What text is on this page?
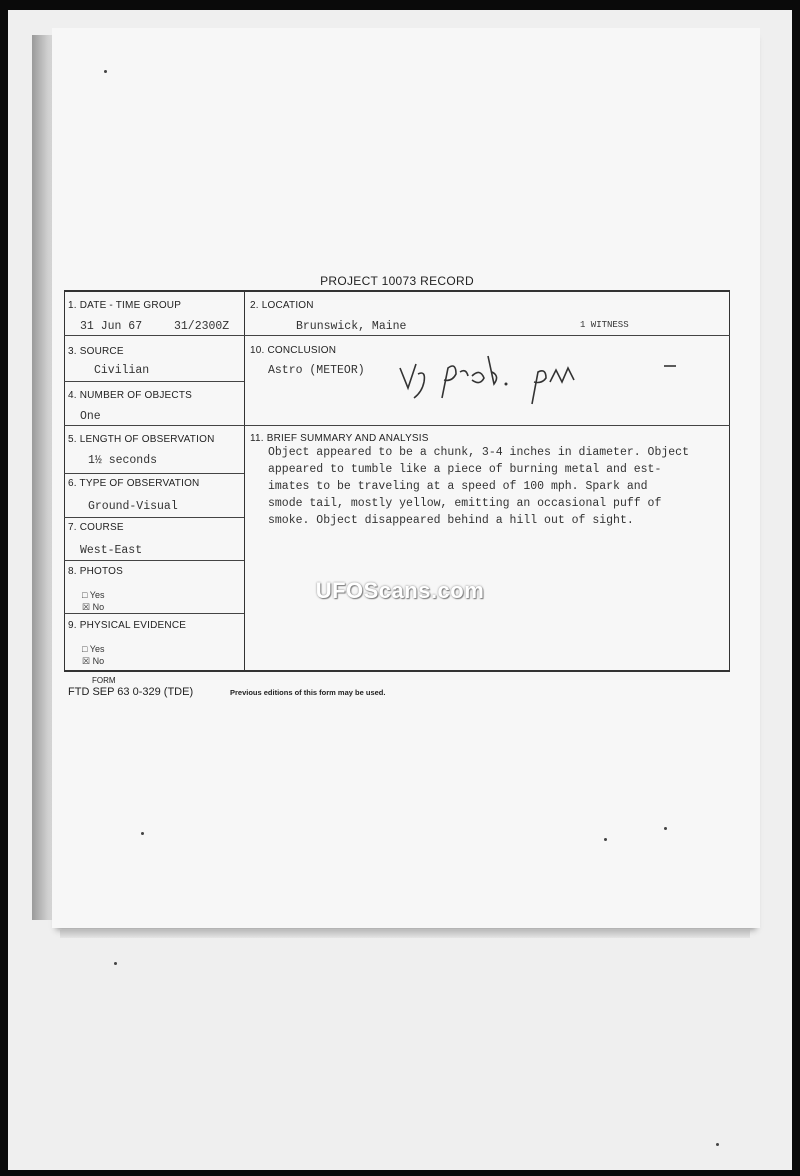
PROJECT 10073 RECORD
1. DATE - TIME GROUP
31 Jun 67	31/2300Z
2. LOCATION
Brunswick, Maine	1 WITNESS
3. SOURCE
Civilian
10. CONCLUSION
Astro (METEOR)
4. NUMBER OF OBJECTS
One
5. LENGTH OF OBSERVATION
1½ seconds
11. BRIEF SUMMARY AND ANALYSIS
Object appeared to be a chunk, 3-4 inches in diameter. Object
appeared to tumble like a piece of burning metal and est-
imates to be traveling at a speed of 100 mph. Spark and
smode tail, mostly yellow, emitting an occasional puff of
smoke. Object disappeared behind a hill out of sight.
6. TYPE OF OBSERVATION
Ground-Visual
7. COURSE
West-East
8. PHOTOS
□ Yes
☒ No
9. PHYSICAL EVIDENCE
□ Yes
☒ No
UFOScans.com
FORM
FTD SEP 63 0-329 (TDE)	Previous editions of this form may be used.
